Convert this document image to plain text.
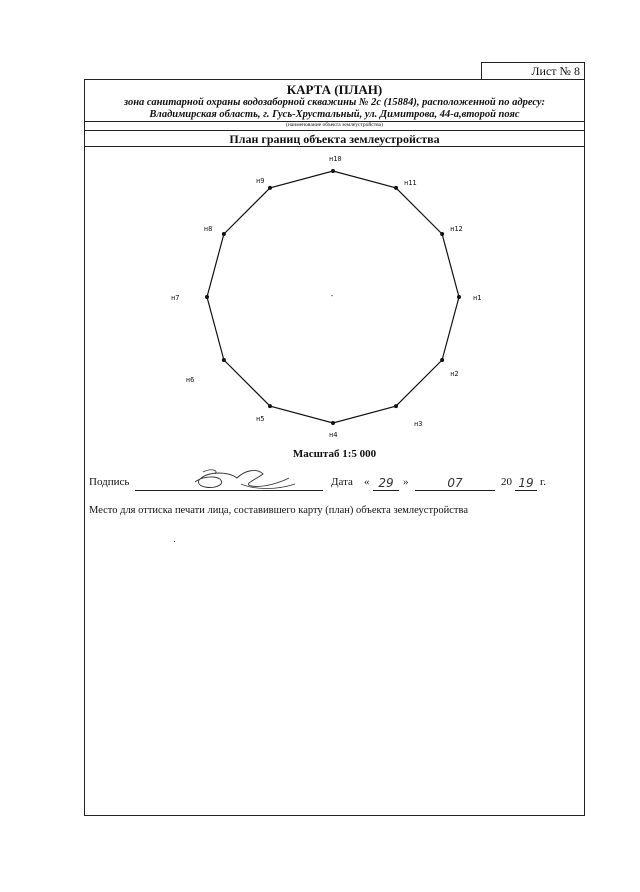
Лист № 8
КАРТА (ПЛАН)
зона санитарной охраны водозаборной скважины № 2с (15884), расположенной по адресу:
Владимирская область, г. Гусь-Хрустальный, ул. Димитрова, 44-а,второй пояс
(наименование объекта землеустройства)
План границ объекта землеустройства
-	н1
н2
н3
н4
н5
н6
н7
н8
н9
н10
н11
н12
Масштаб 1:5 000
Подпись	Дата « 29 »	07	20 19 г.
Место для оттиска печати лица, составившего карту (план) объекта землеустройства
